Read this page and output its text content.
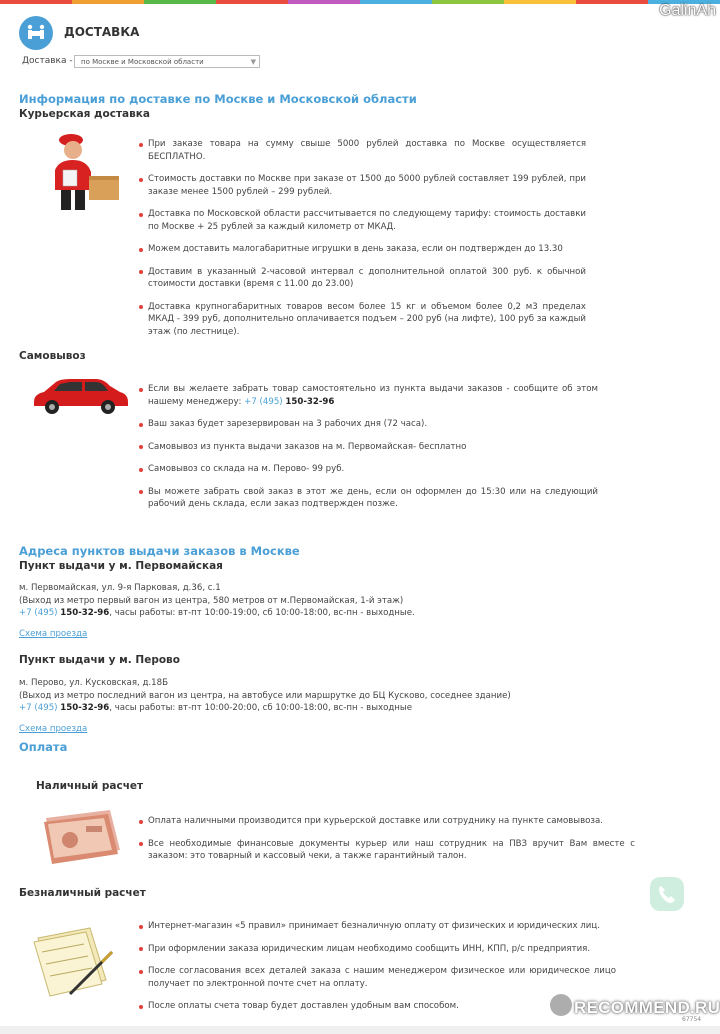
GalinAh
ДОСТАВКА
Доставка -	по Москве и Московской области	▼
Информация по доставке по Москве и Московской области
Курьерская доставка
При заказе товара на сумму свыше 5000 рублей доставка по Москве осуществляется БЕСПЛАТНО.
Стоимость доставки по Москве при заказе от 1500 до 5000 рублей составляет 199 рублей, при заказе менее 1500 рублей – 299 рублей.
Доставка по Московской области рассчитывается по следующему тарифу: стоимость доставки по Москве + 25 рублей за каждый километр от МКАД.
Можем доставить малогабаритные игрушки в день заказа, если он подтвержден до 13.30
Доставим в указанный 2-часовой интервал с дополнительной оплатой 300 руб. к обычной стоимости доставки (время с 11.00 до 23.00)
Доставка крупногабаритных товаров весом более 15 кг и объемом более 0,2 м3 пределах МКАД - 399 руб, дополнительно оплачивается подъем – 200 руб (на лифте), 100 руб за каждый этаж (по лестнице).
Самовывоз
Если вы желаете забрать товар самостоятельно из пункта выдачи заказов - сообщите об этом нашему менеджеру: +7 (495) 150-32-96
Ваш заказ будет зарезервирован на 3 рабочих дня (72 часа).
Самовывоз из пункта выдачи заказов на м. Первомайская- бесплатно
Самовывоз со склада на м. Перово- 99 руб.
Вы можете забрать свой заказ в этот же день, если он оформлен до 15:30 или на следующий рабочий день склада, если заказ подтвержден позже.
Адреса пунктов выдачи заказов в Москве
Пункт выдачи у м. Первомайская
м. Первомайская, ул. 9-я Парковая, д.36, с.1
(Выход из метро первый вагон из центра, 580 метров от м.Первомайская, 1-й этаж)
+7 (495) 150-32-96, часы работы: вт-пт 10:00-19:00, сб 10:00-18:00, вс-пн - выходные.
Схема проезда
Пункт выдачи у м. Перово
м. Перово, ул. Кусковская, д.18Б
(Выход из метро последний вагон из центра, на автобусе или маршрутке до БЦ Кусково, соседнее здание)
+7 (495) 150-32-96, часы работы: вт-пт 10:00-20:00, сб 10:00-18:00, вс-пн - выходные
Схема проезда
Оплата
Наличный расчет
Оплата наличными производится при курьерской доставке или сотруднику на пункте самовывоза.
Все необходимые финансовые документы курьер или наш сотрудник на ПВЗ вручит Вам вместе с заказом: это товарный и кассовый чеки, а также гарантийный талон.
Безналичный расчет
Интернет-магазин «5 правил» принимает безналичную оплату от физических и юридических лиц.
При оформлении заказа юридическим лицам необходимо сообщить ИНН, КПП, р/с предприятия.
После согласования всех деталей заказа с нашим менеджером физическое или юридическое лицо получает по электронной почте счет на оплату.
После оплаты счета товар будет доставлен удобным вам способом.	RECOMMEND.RU
67754
